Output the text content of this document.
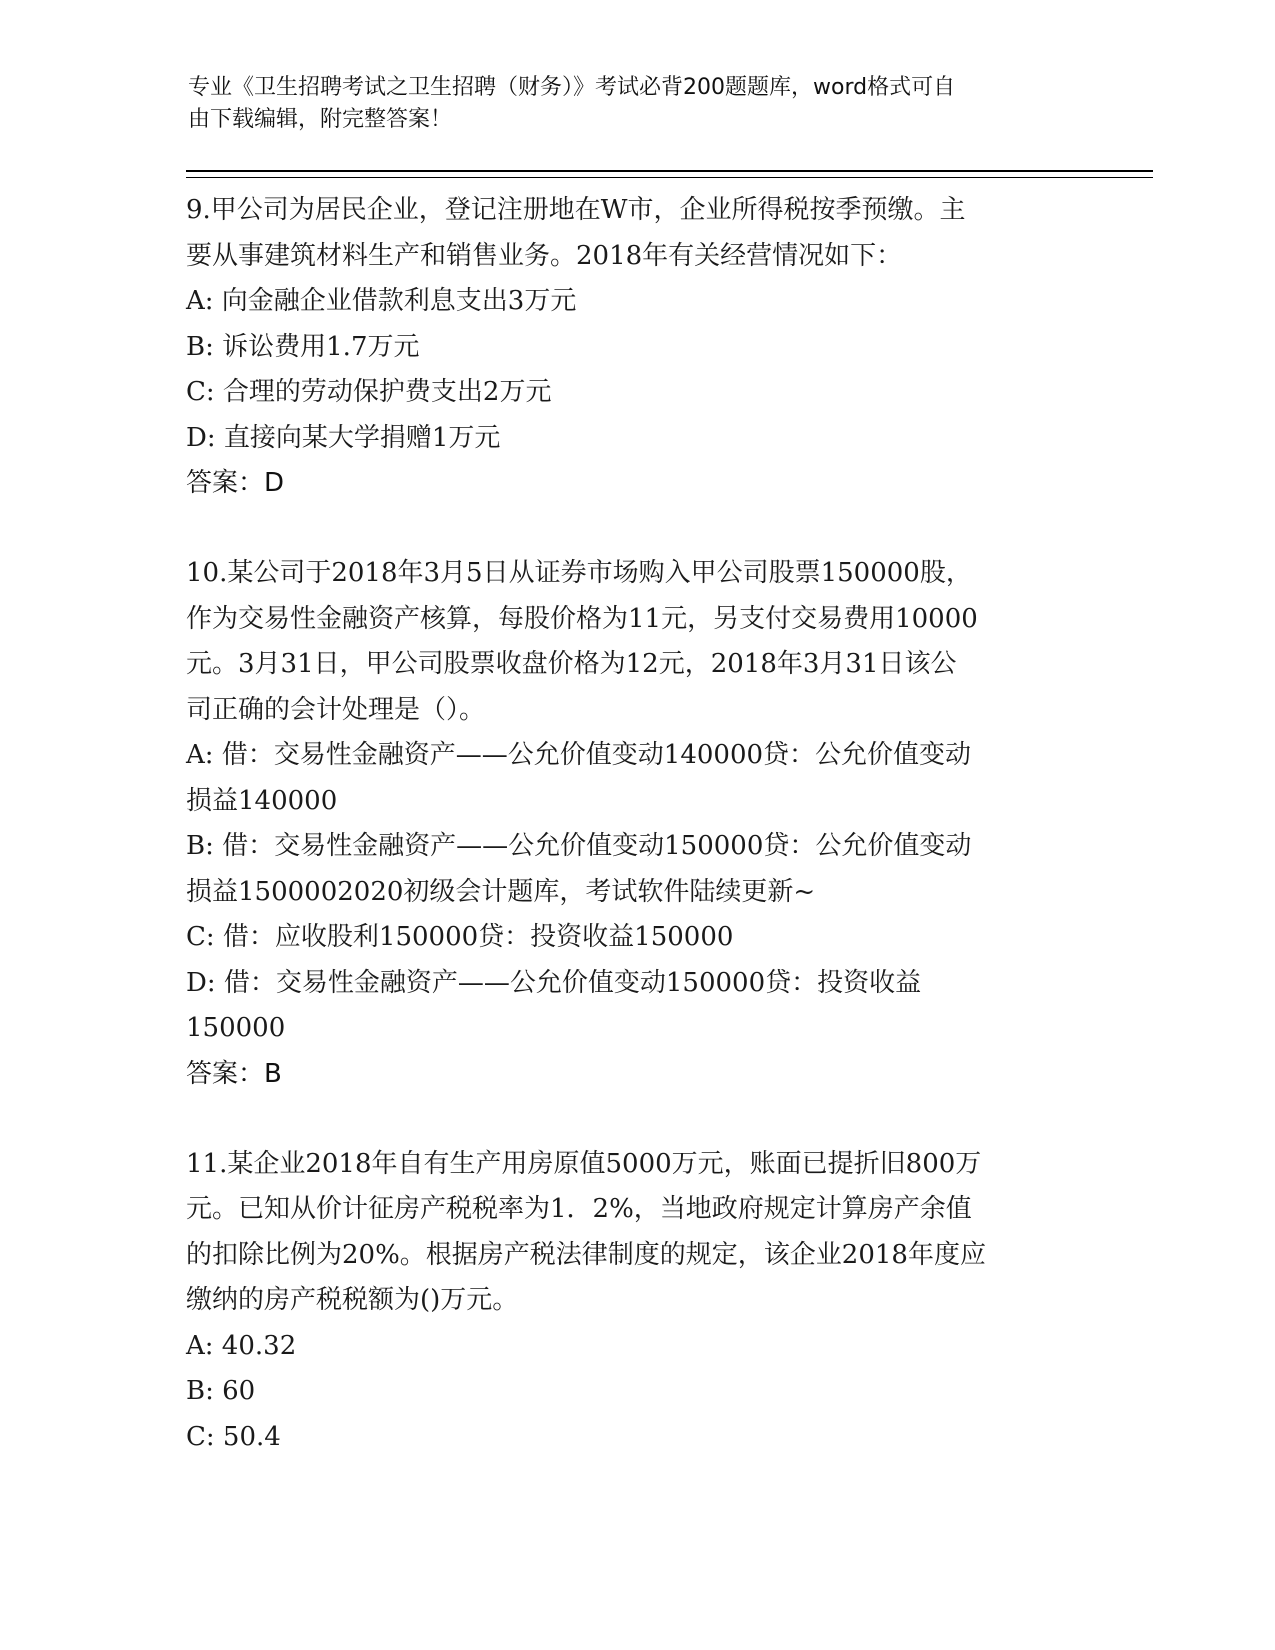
专业《卫生招聘考试之卫生招聘（财务）》考试必背200题题库，word格式可自
由下载编辑，附完整答案！
9.甲公司为居民企业，登记注册地在W市，企业所得税按季预缴。主
要从事建筑材料生产和销售业务。2018年有关经营情况如下：
A: 向金融企业借款利息支出3万元
B: 诉讼费用1.7万元
C: 合理的劳动保护费支出2万元
D: 直接向某大学捐赠1万元
答案：D
10.某公司于2018年3月5日从证券市场购入甲公司股票150000股，
作为交易性金融资产核算，每股价格为11元，另支付交易费用10000
元。3月31日，甲公司股票收盘价格为12元，2018年3月31日该公
司正确的会计处理是（）。
A: 借：交易性金融资产——公允价值变动140000贷：公允价值变动
损益140000
B: 借：交易性金融资产——公允价值变动150000贷：公允价值变动
损益1500002020初级会计题库，考试软件陆续更新~
C: 借：应收股利150000贷：投资收益150000
D: 借：交易性金融资产——公允价值变动150000贷：投资收益
150000
答案：B
11.某企业2018年自有生产用房原值5000万元，账面已提折旧800万
元。已知从价计征房产税税率为1．2%，当地政府规定计算房产余值
的扣除比例为20%。根据房产税法律制度的规定，该企业2018年度应
缴纳的房产税税额为()万元。
A: 40.32
B: 60
C: 50.4
